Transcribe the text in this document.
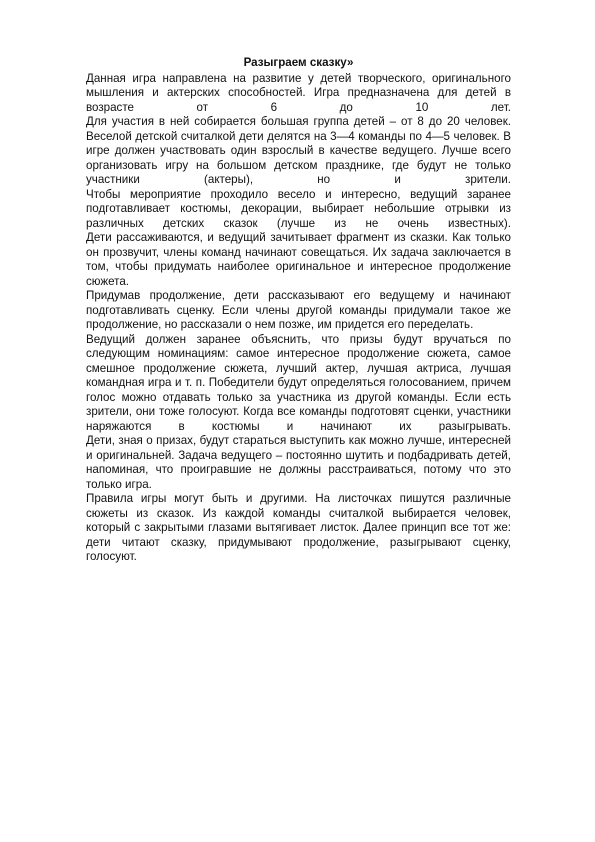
Разыграем сказку»

Данная игра направлена на развитие у детей творческого, оригинального мышления и актерских способностей. Игра предназначена для детей в возрасте от 6 до 10 лет.

Для участия в ней собирается большая группа детей – от 8 до 20 человек. Веселой детской считалкой дети делятся на 3—4 команды по 4—5 человек. В игре должен участвовать один взрослый в качестве ведущего. Лучше всего организовать игру на большом детском празднике, где будут не только участники (актеры), но и зрители.

Чтобы мероприятие проходило весело и интересно, ведущий заранее подготавливает костюмы, декорации, выбирает небольшие отрывки из различных детских сказок (лучше из не очень известных).

Дети рассаживаются, и ведущий зачитывает фрагмент из сказки. Как только он прозвучит, члены команд начинают совещаться. Их задача заключается в том, чтобы придумать наиболее оригинальное и интересное продолжение сюжета.

Придумав продолжение, дети рассказывают его ведущему и начинают подготавливать сценку. Если члены другой команды придумали такое же продолжение, но рассказали о нем позже, им придется его переделать.

Ведущий должен заранее объяснить, что призы будут вручаться по следующим номинациям: самое интересное продолжение сюжета, самое смешное продолжение сюжета, лучший актер, лучшая актриса, лучшая командная игра и т. п. Победители будут определяться голосованием, причем голос можно отдавать только за участника из другой команды. Если есть зрители, они тоже голосуют. Когда все команды подготовят сценки, участники наряжаются в костюмы и начинают их разыгрывать.

Дети, зная о призах, будут стараться выступить как можно лучше, интересней и оригинальней. Задача ведущего – постоянно шутить и подбадривать детей, напоминая, что проигравшие не должны расстраиваться, потому что это только игра.

Правила игры могут быть и другими. На листочках пишутся различные сюжеты из сказок. Из каждой команды считалкой выбирается человек, который с закрытыми глазами вытягивает листок. Далее принцип все тот же: дети читают сказку, придумывают продолжение, разыгрывают сценку, голосуют.
